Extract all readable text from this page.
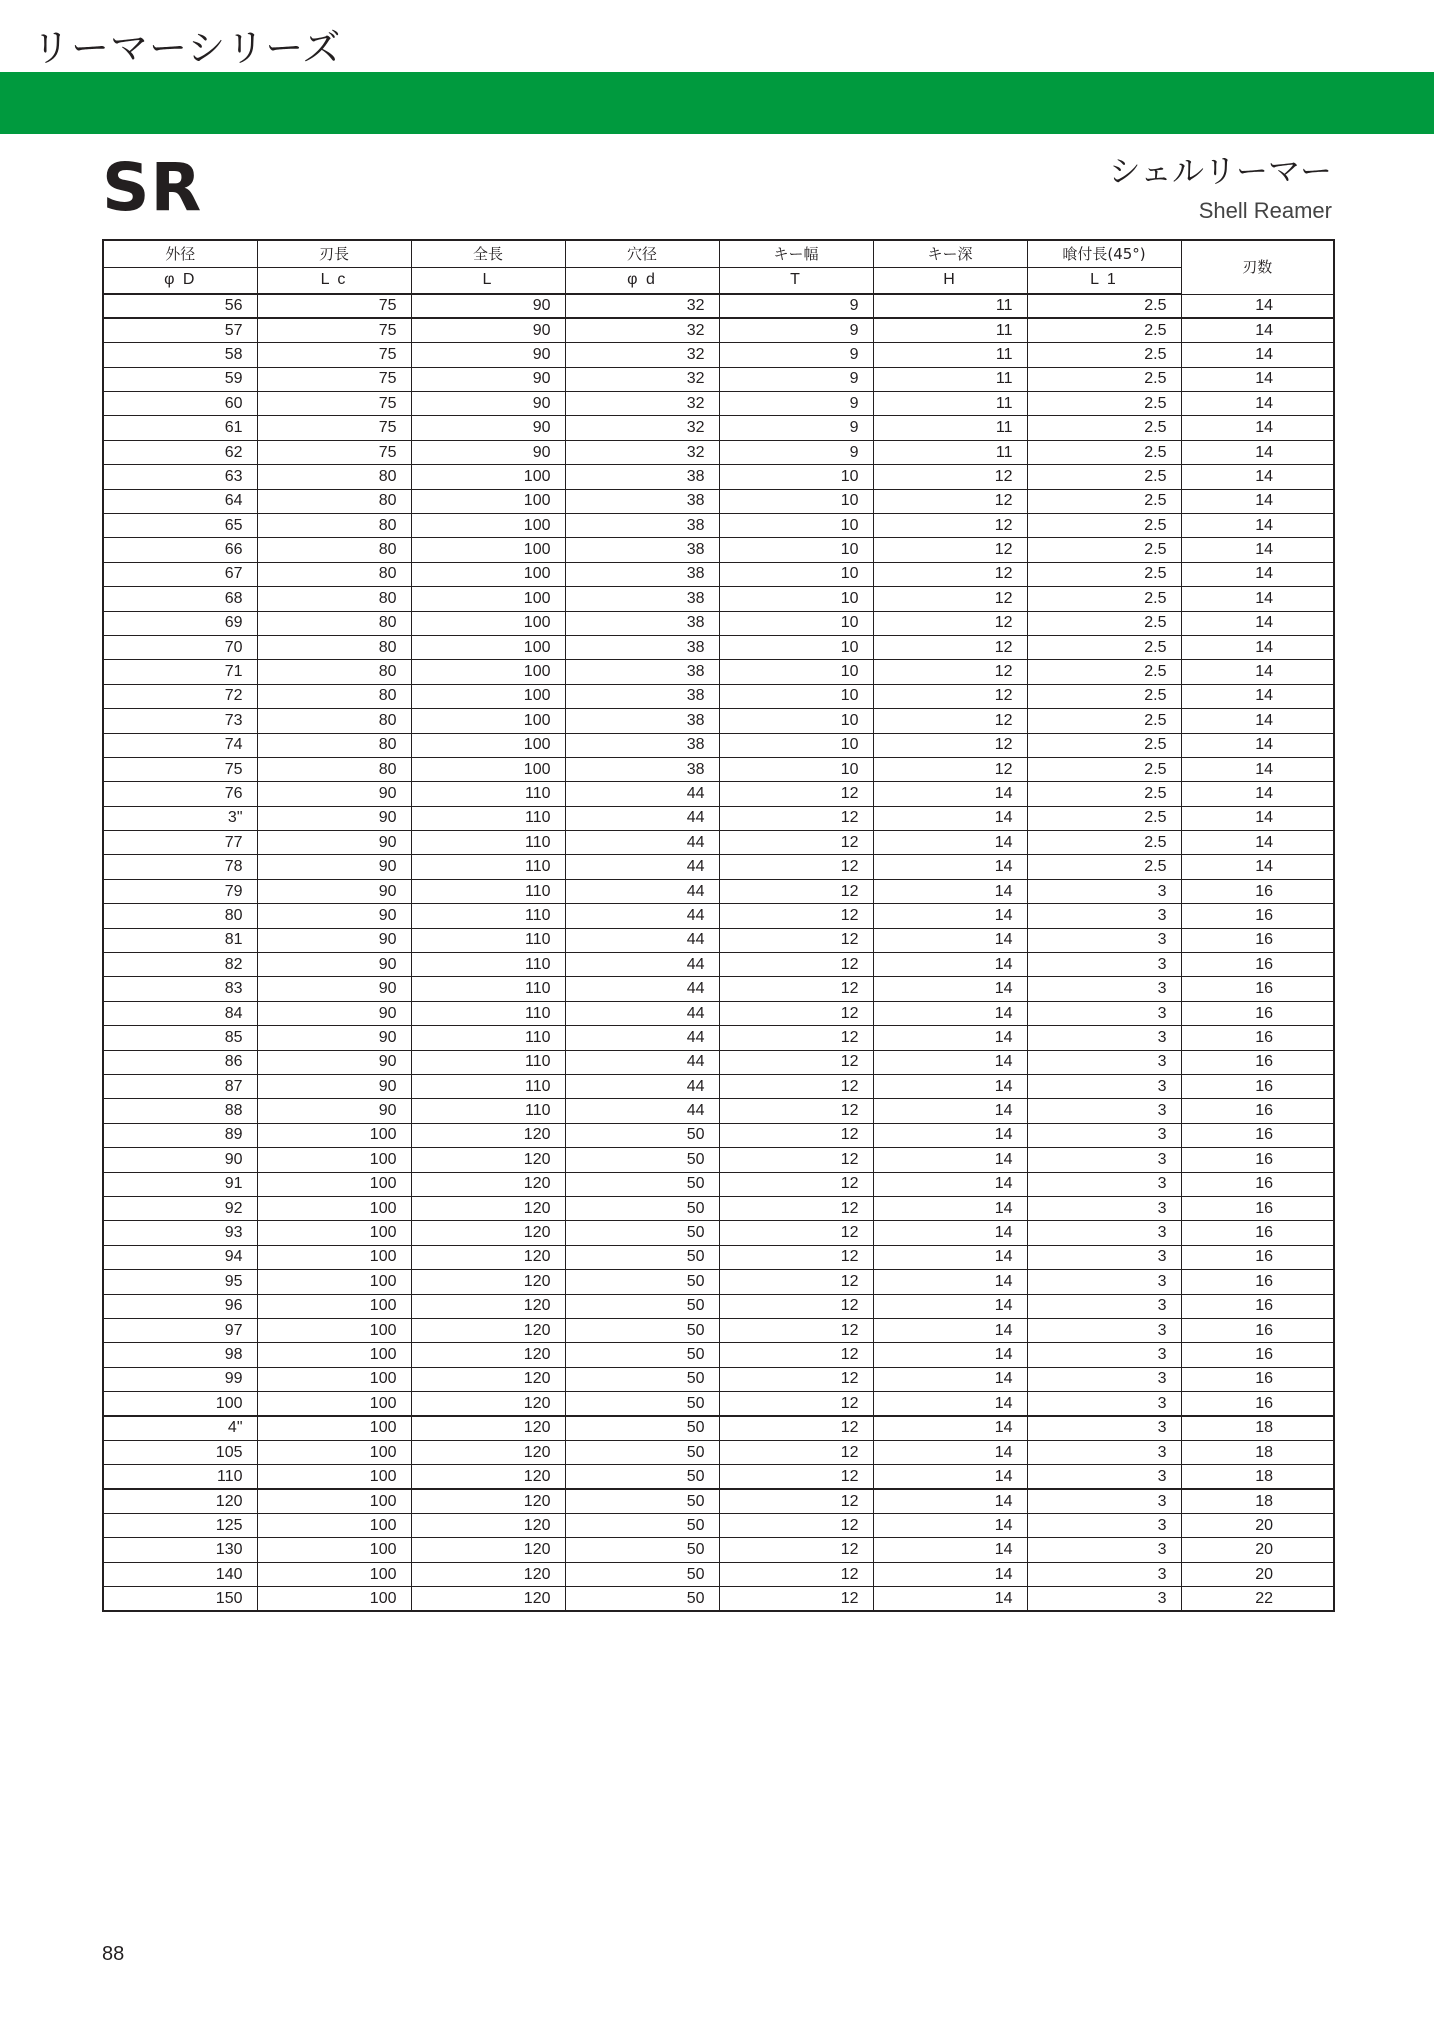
リーマーシリーズ
SR	シェルリーマー
Shell Reamer
外径	刃長	全長	穴径	キー幅	キー深	喰付長(45°)	刃数
φ D	L c	L	φ d	T	H	L 1	
56	75	90	32	9	11	2.5	14
57	75	90	32	9	11	2.5	14
58	75	90	32	9	11	2.5	14
59	75	90	32	9	11	2.5	14
60	75	90	32	9	11	2.5	14
61	75	90	32	9	11	2.5	14
62	75	90	32	9	11	2.5	14
63	80	100	38	10	12	2.5	14
64	80	100	38	10	12	2.5	14
65	80	100	38	10	12	2.5	14
66	80	100	38	10	12	2.5	14
67	80	100	38	10	12	2.5	14
68	80	100	38	10	12	2.5	14
69	80	100	38	10	12	2.5	14
70	80	100	38	10	12	2.5	14
71	80	100	38	10	12	2.5	14
72	80	100	38	10	12	2.5	14
73	80	100	38	10	12	2.5	14
74	80	100	38	10	12	2.5	14
75	80	100	38	10	12	2.5	14
76	90	110	44	12	14	2.5	14
3"	90	110	44	12	14	2.5	14
77	90	110	44	12	14	2.5	14
78	90	110	44	12	14	2.5	14
79	90	110	44	12	14	3	16
80	90	110	44	12	14	3	16
81	90	110	44	12	14	3	16
82	90	110	44	12	14	3	16
83	90	110	44	12	14	3	16
84	90	110	44	12	14	3	16
85	90	110	44	12	14	3	16
86	90	110	44	12	14	3	16
87	90	110	44	12	14	3	16
88	90	110	44	12	14	3	16
89	100	120	50	12	14	3	16
90	100	120	50	12	14	3	16
91	100	120	50	12	14	3	16
92	100	120	50	12	14	3	16
93	100	120	50	12	14	3	16
94	100	120	50	12	14	3	16
95	100	120	50	12	14	3	16
96	100	120	50	12	14	3	16
97	100	120	50	12	14	3	16
98	100	120	50	12	14	3	16
99	100	120	50	12	14	3	16
100	100	120	50	12	14	3	16
4"	100	120	50	12	14	3	18
105	100	120	50	12	14	3	18
110	100	120	50	12	14	3	18
120	100	120	50	12	14	3	18
125	100	120	50	12	14	3	20
130	100	120	50	12	14	3	20
140	100	120	50	12	14	3	20
150	100	120	50	12	14	3	22
88
